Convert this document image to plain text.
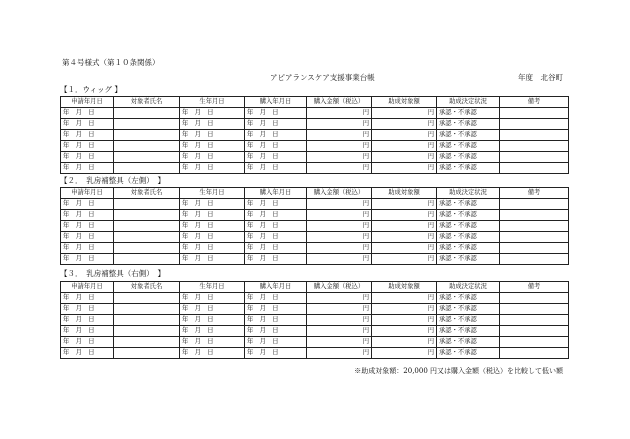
第４号様式（第１０条関係）
アピアランスケア支援事業台帳	年度　北谷町
【１．ウィッグ 】
申請年月日	対象者氏名	生年月日	購入年月日	購入金額（税込）	助成対象額	助成決定状況	備考
年　月　日		年　月　日	年　月　日	円	円	承認・不承認	
年　月　日		年　月　日	年　月　日	円	円	承認・不承認	
年　月　日		年　月　日	年　月　日	円	円	承認・不承認	
年　月　日		年　月　日	年　月　日	円	円	承認・不承認	
年　月　日		年　月　日	年　月　日	円	円	承認・不承認	
年　月　日		年　月　日	年　月　日	円	円	承認・不承認	
【２．　乳房補整具（左側）　】
申請年月日	対象者氏名	生年月日	購入年月日	購入金額（税込）	助成対象額	助成決定状況	備考
年　月　日		年　月　日	年　月　日	円	円	承認・不承認	
年　月　日		年　月　日	年　月　日	円	円	承認・不承認	
年　月　日		年　月　日	年　月　日	円	円	承認・不承認	
年　月　日		年　月　日	年　月　日	円	円	承認・不承認	
年　月　日		年　月　日	年　月　日	円	円	承認・不承認	
年　月　日		年　月　日	年　月　日	円	円	承認・不承認	
【３．　乳房補整具（右側）　】
申請年月日	対象者氏名	生年月日	購入年月日	購入金額（税込）	助成対象額	助成決定状況	備考
年　月　日		年　月　日	年　月　日	円	円	承認・不承認	
年　月　日		年　月　日	年　月　日	円	円	承認・不承認	
年　月　日		年　月　日	年　月　日	円	円	承認・不承認	
年　月　日		年　月　日	年　月　日	円	円	承認・不承認	
年　月　日		年　月　日	年　月　日	円	円	承認・不承認	
年　月　日		年　月　日	年　月　日	円	円	承認・不承認	
※助成対象額：20,000 円又は購入金額（税込）を比較して低い額
